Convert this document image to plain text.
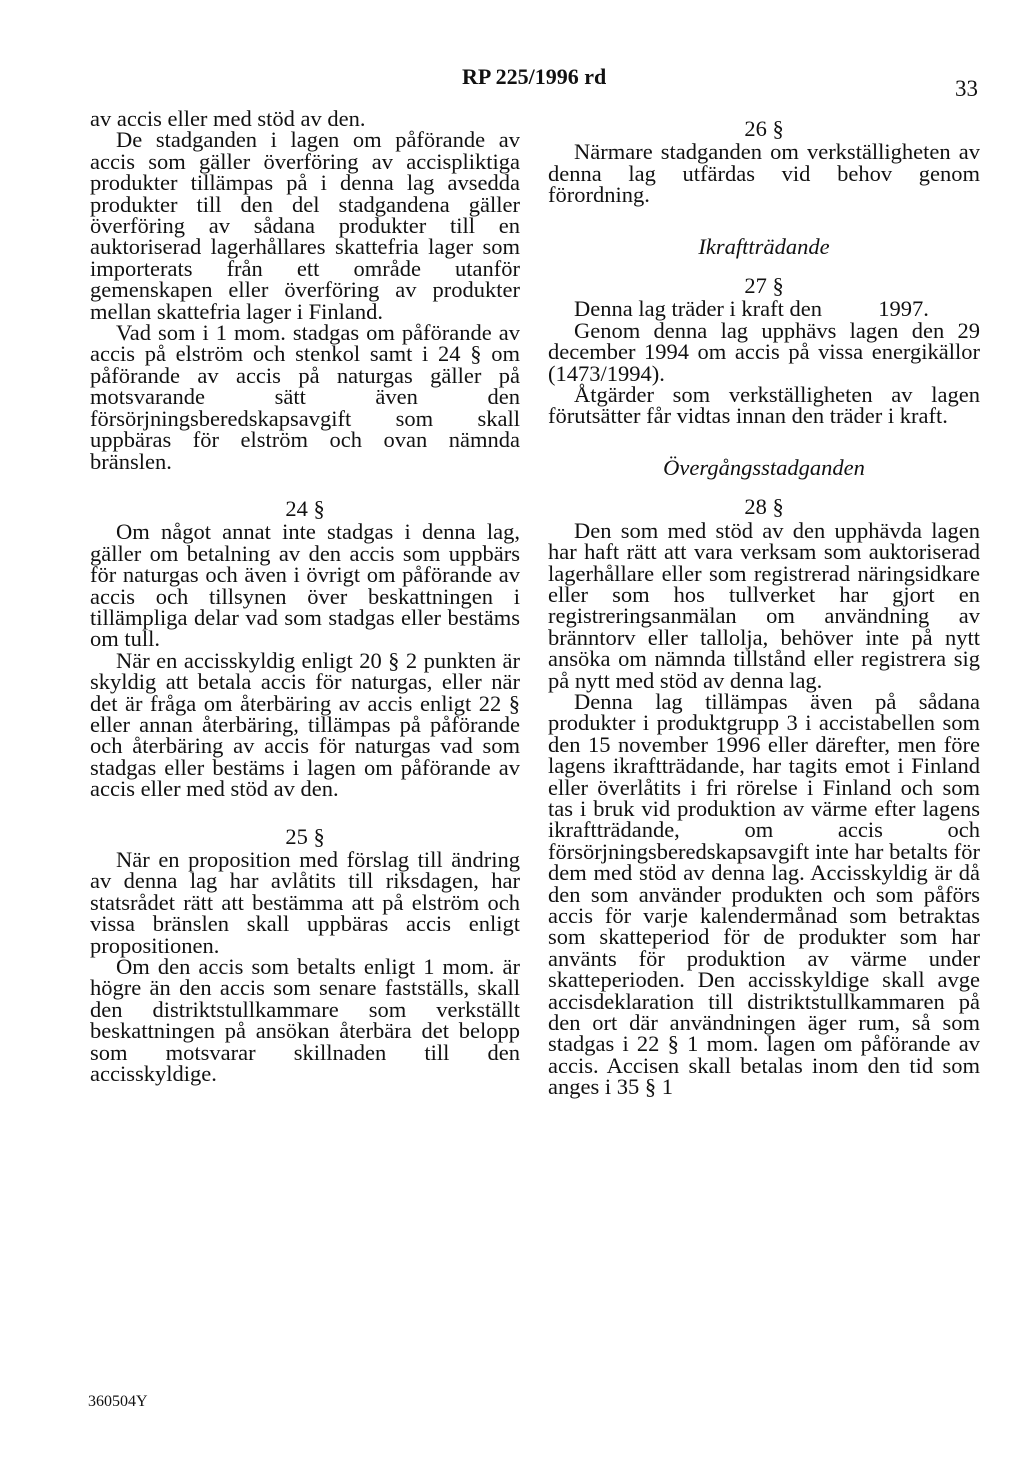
RP 225/1996 rd	33

av accis eller med stöd av den.

De stadganden i lagen om påförande av accis som gäller överföring av accispliktiga produkter tillämpas på i denna lag avsedda produkter till den del stadgandena gäller överföring av sådana produkter till en auktoriserad lagerhållares skattefria lager som importerats från ett område utanför gemenskapen eller överföring av produkter mellan skattefria lager i Finland.

Vad som i 1 mom. stadgas om påförande av accis på elström och stenkol samt i 24 § om påförande av accis på naturgas gäller på motsvarande sätt även den försörjningsberedskapsavgift som skall uppbäras för elström och ovan nämnda bränslen.

24 §

Om något annat inte stadgas i denna lag, gäller om betalning av den accis som uppbärs för naturgas och även i övrigt om påförande av accis och tillsynen över beskattningen i tillämpliga delar vad som stadgas eller bestäms om tull.

När en accisskyldig enligt 20 § 2 punkten är skyldig att betala accis för naturgas, eller när det är fråga om återbäring av accis enligt 22 § eller annan återbäring, tillämpas på påförande och återbäring av accis för naturgas vad som stadgas eller bestäms i lagen om påförande av accis eller med stöd av den.

25 §

När en proposition med förslag till ändring av denna lag har avlåtits till riksdagen, har statsrådet rätt att bestämma att på elström och vissa bränslen skall uppbäras accis enligt propositionen.

Om den accis som betalts enligt 1 mom. är högre än den accis som senare fastställs, skall den distriktstullkammare som verkställt beskattningen på ansökan återbära det belopp som motsvarar skillnaden till den accisskyldige.

26 §

Närmare stadganden om verkställigheten av denna lag utfärdas vid behov genom förordning.

Ikraftträdande
27 §

Denna lag träder i kraft den          1997.

Genom denna lag upphävs lagen den 29 december 1994 om accis på vissa energikällor (1473/1994).

Åtgärder som verkställigheten av lagen förutsätter får vidtas innan den träder i kraft.

Övergångsstadganden
28 §

Den som med stöd av den upphävda lagen har haft rätt att vara verksam som auktoriserad lagerhållare eller som registrerad näringsidkare eller som hos tullverket har gjort en registreringsanmälan om användning av bränntorv eller tallolja, behöver inte på nytt ansöka om nämnda tillstånd eller registrera sig på nytt med stöd av denna lag.

Denna lag tillämpas även på sådana produkter i produktgrupp 3 i accistabellen som den 15 november 1996 eller därefter, men före lagens ikraftträdande, har tagits emot i Finland eller överlåtits i fri rörelse i Finland och som tas i bruk vid produktion av värme efter lagens ikraftträdande, om accis och försörjningsberedskapsavgift inte har betalts för dem med stöd av denna lag. Accisskyldig är då den som använder produkten och som påförs accis för varje kalendermånad som betraktas som skatteperiod för de produkter som har använts för produktion av värme under skatteperioden. Den accisskyldige skall avge accisdeklaration till distriktstullkammaren på den ort där användningen äger rum, så som stadgas i 22 § 1 mom. lagen om påförande av accis. Accisen skall betalas inom den tid som anges i 35 § 1

360504Y
